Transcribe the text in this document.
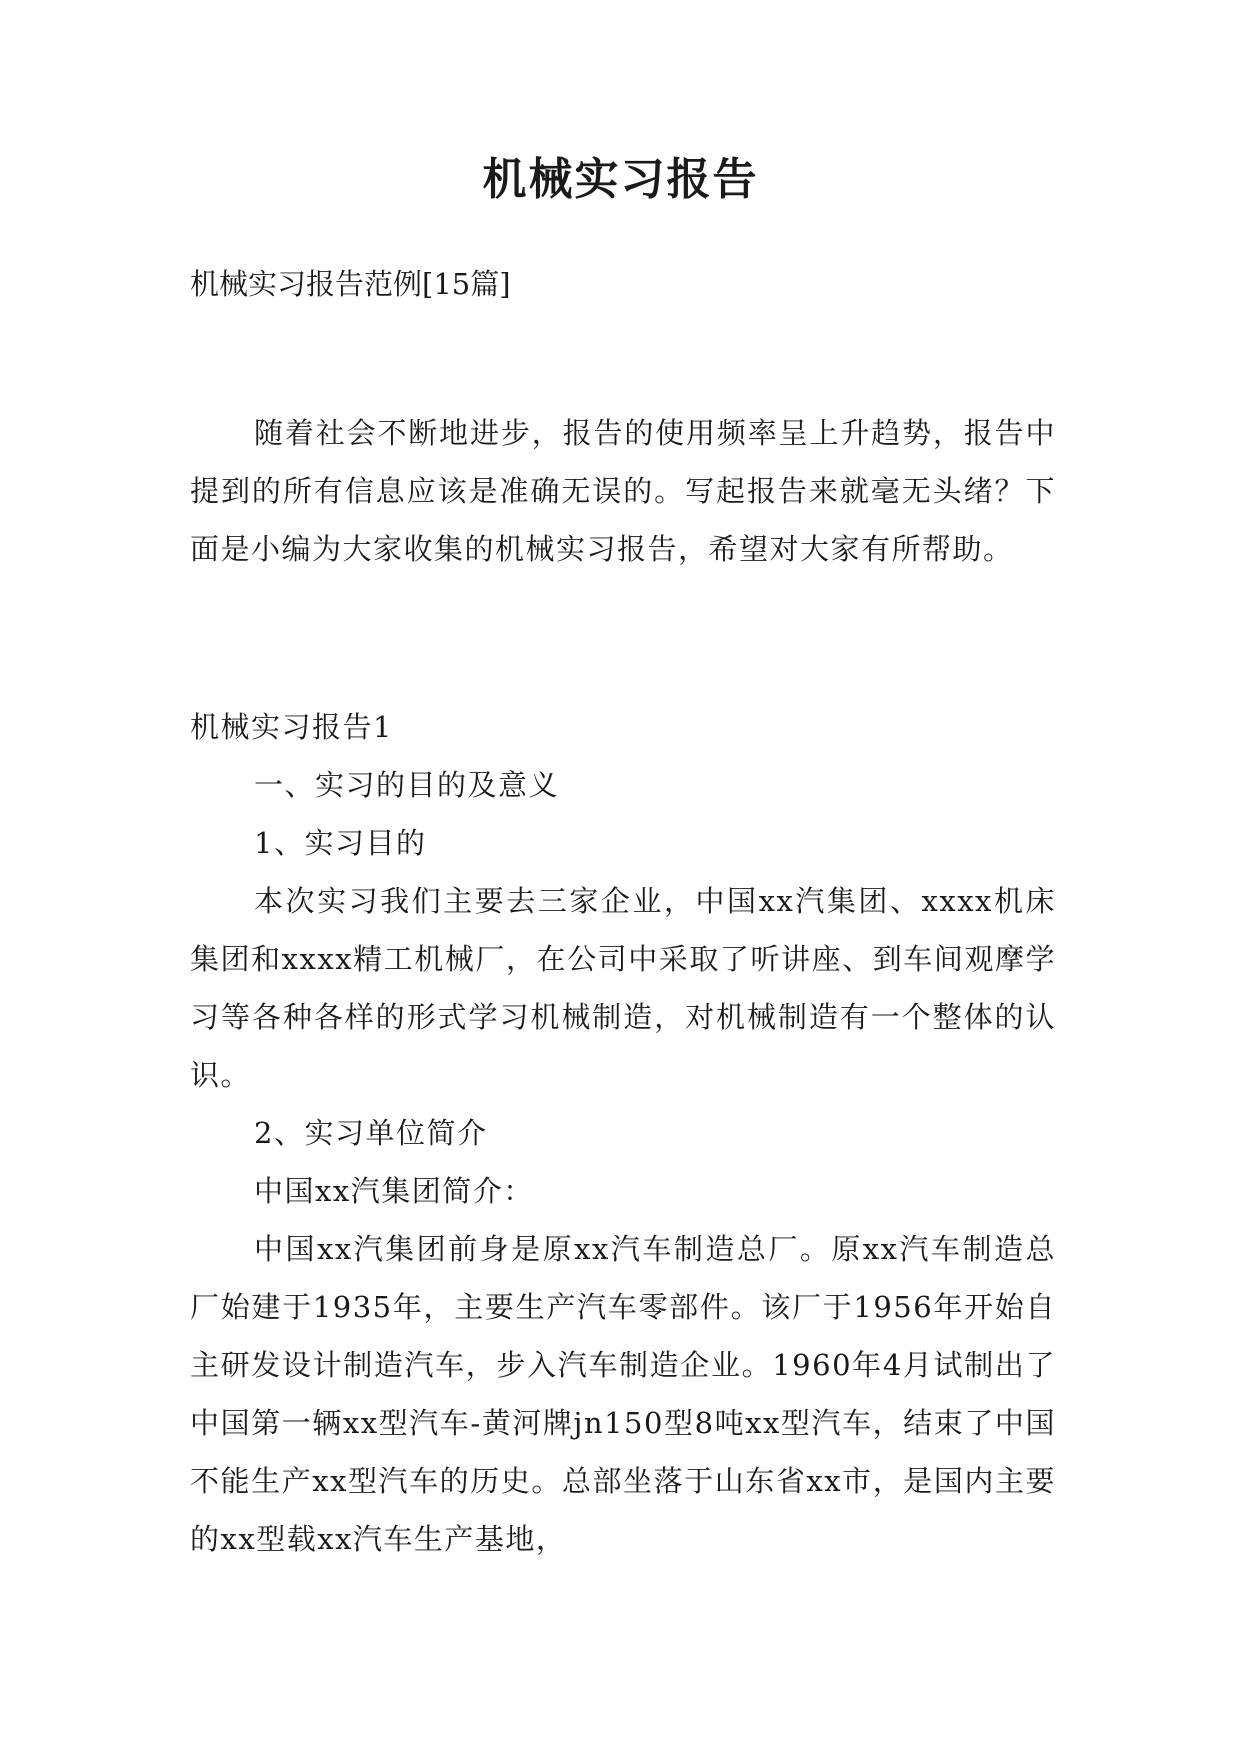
机械实习报告
机械实习报告范例[15篇]

随着社会不断地进步，报告的使用频率呈上升趋势，报告中提到的所有信息应该是准确无误的。写起报告来就毫无头绪？下面是小编为大家收集的机械实习报告，希望对大家有所帮助。

机械实习报告1

一、实习的目的及意义

1、实习目的

本次实习我们主要去三家企业，中国xx汽集团、xxxx机床集团和xxxx精工机械厂，在公司中采取了听讲座、到车间观摩学习等各种各样的形式学习机械制造，对机械制造有一个整体的认识。

2、实习单位简介

中国xx汽集团简介：

中国xx汽集团前身是原xx汽车制造总厂。原xx汽车制造总厂始建于1935年，主要生产汽车零部件。该厂于1956年开始自主研发设计制造汽车，步入汽车制造企业。1960年4月试制出了中国第一辆xx型汽车-黄河牌jn150型8吨xx型汽车，结束了中国不能生产xx型汽车的历史。总部坐落于山东省xx市，是国内主要的xx型载xx汽车生产基地，
